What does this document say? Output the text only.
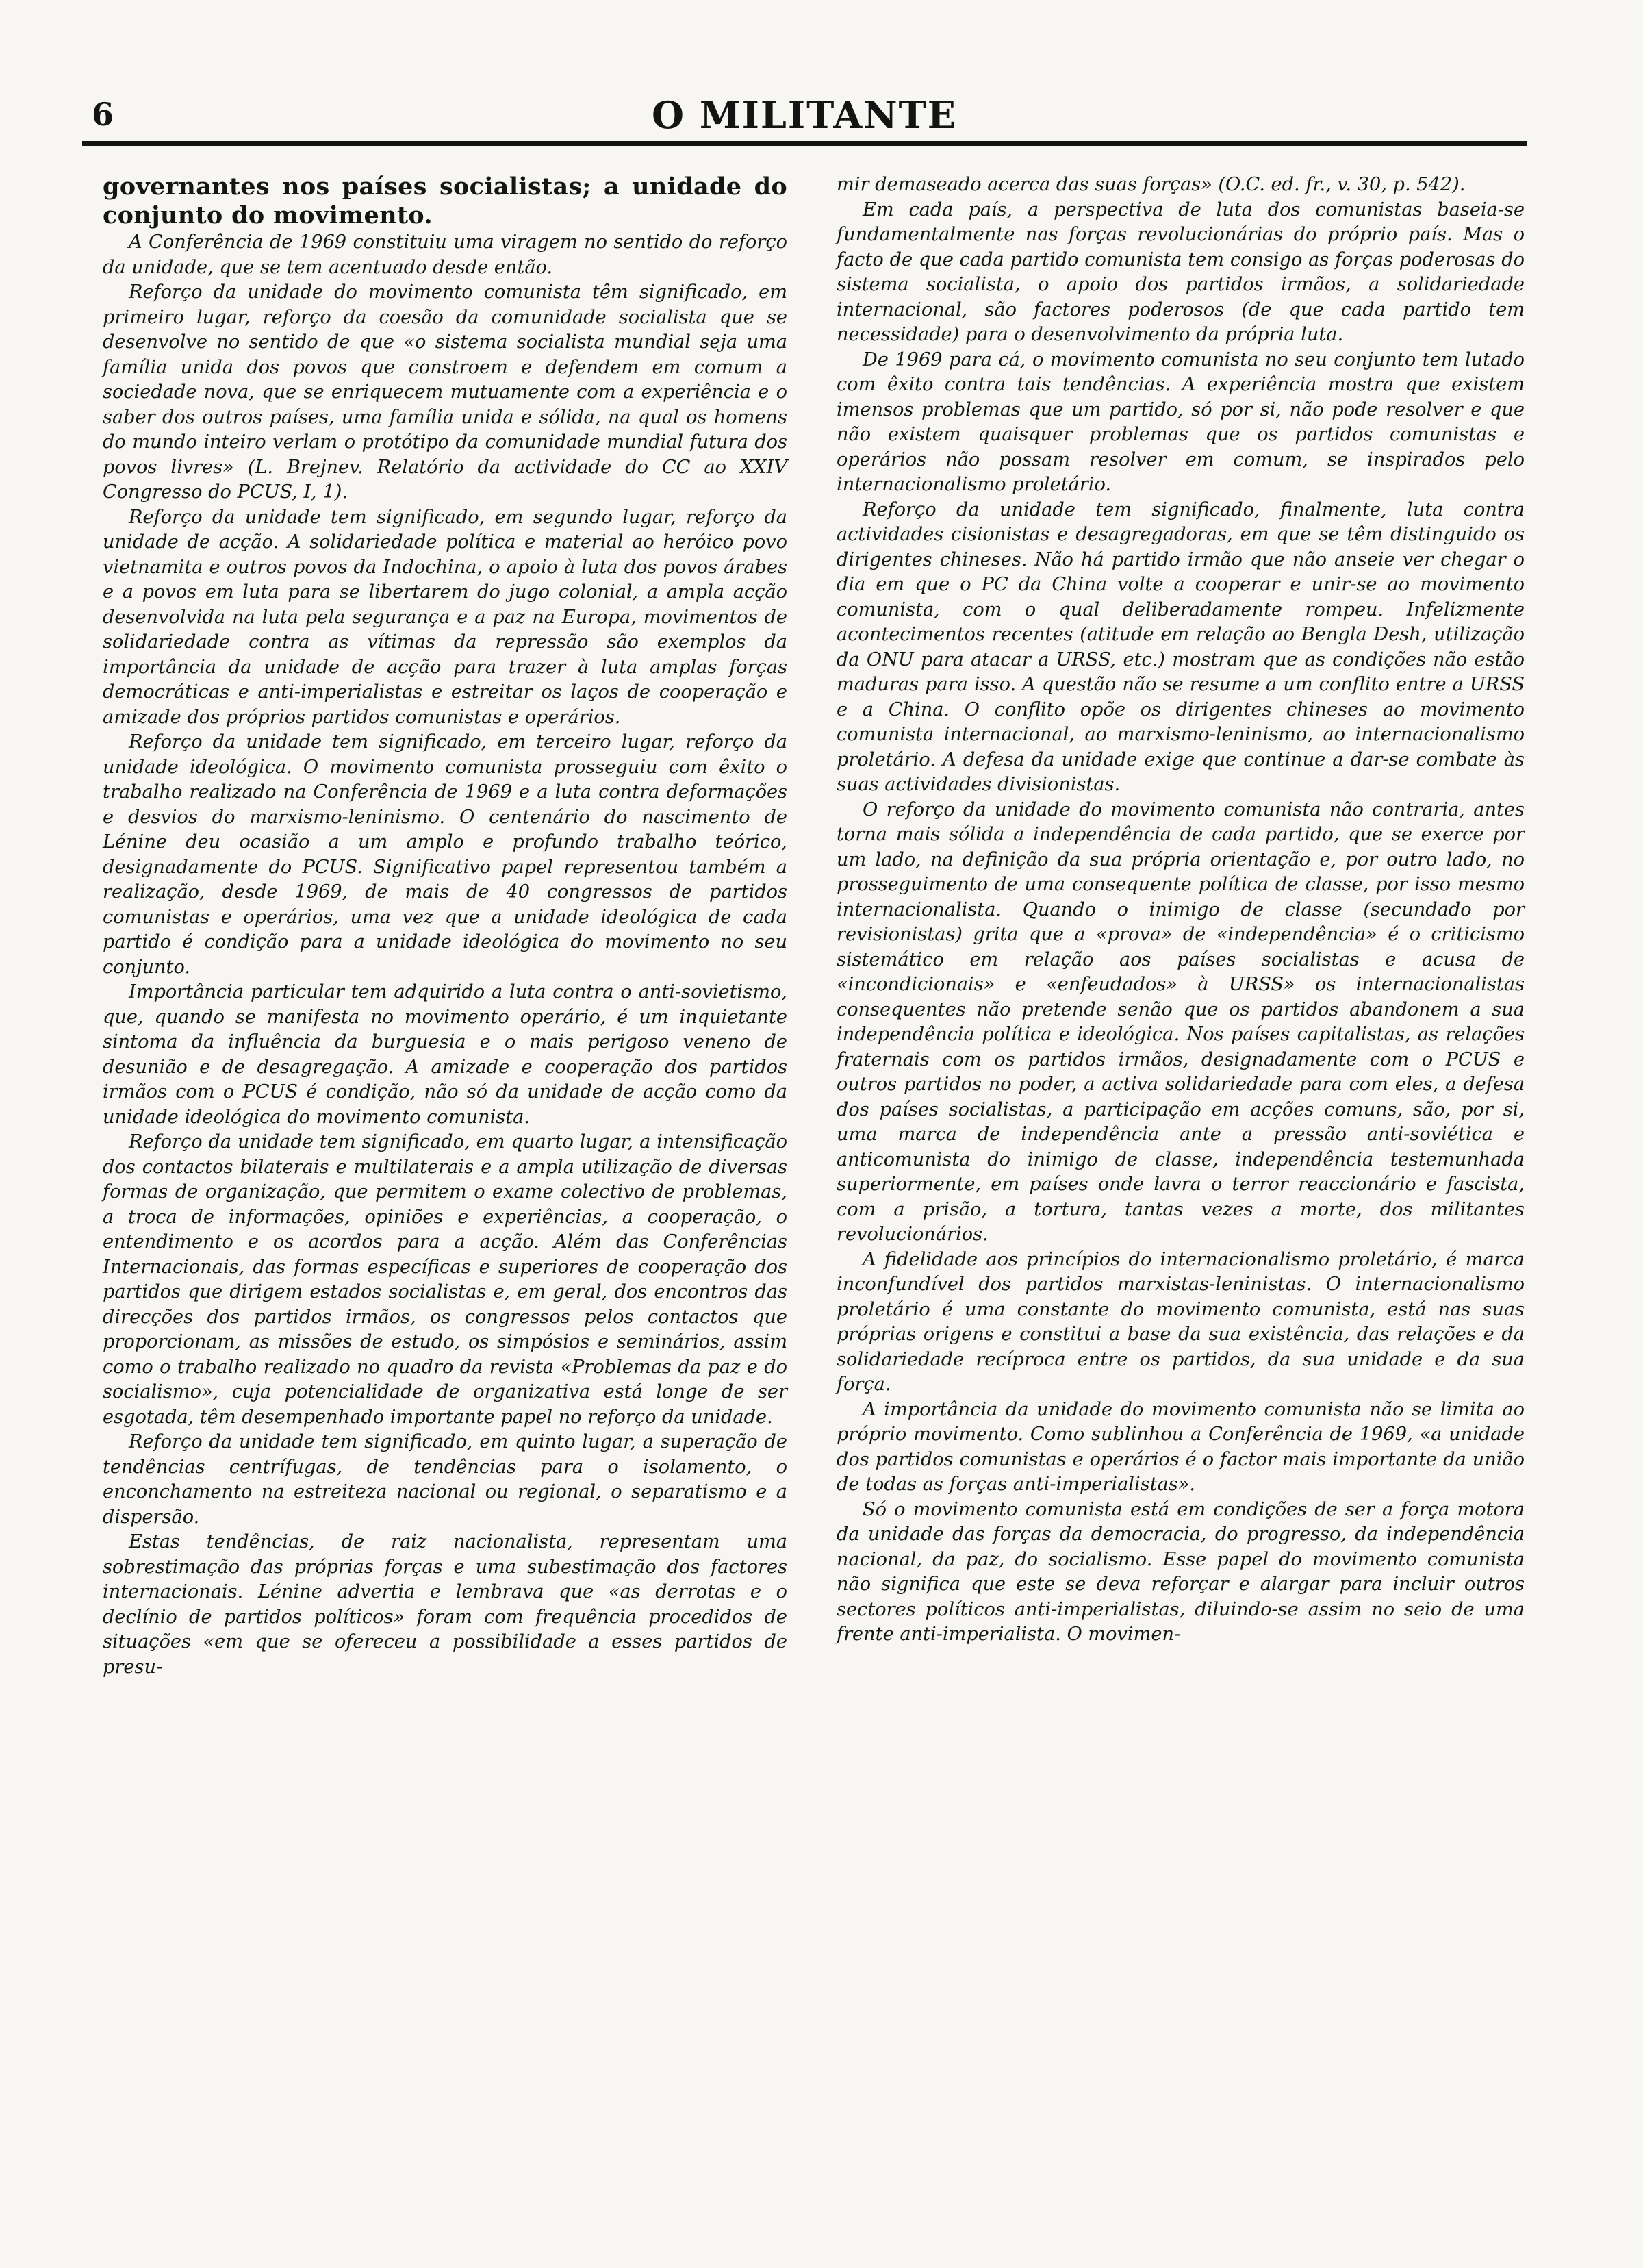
6	O MILITANTE

governantes nos países socialistas; a unidade do conjunto do movimento.

A Conferência de 1969 constituiu uma viragem no sentido do reforço da unidade, que se tem acentuado desde então.

Reforço da unidade do movimento comunista têm significado, em primeiro lugar, reforço da coesão da comunidade socialista que se desenvolve no sentido de que «o sistema socialista mundial seja uma família unida dos povos que constroem e defendem em comum a sociedade nova, que se enriquecem mutuamente com a experiência e o saber dos outros países, uma família unida e sólida, na qual os homens do mundo inteiro verlam o protótipo da comunidade mundial futura dos povos livres» (L. Brejnev. Relatório da actividade do CC ao XXIV Congresso do PCUS, I, 1).

Reforço da unidade tem significado, em segundo lugar, reforço da unidade de acção. A solidariedade política e material ao heróico povo vietnamita e outros povos da Indochina, o apoio à luta dos povos árabes e a povos em luta para se libertarem do jugo colonial, a ampla acção desenvolvida na luta pela segurança e a paz na Europa, movimentos de solidariedade contra as vítimas da repressão são exemplos da importância da unidade de acção para trazer à luta amplas forças democráticas e anti-imperialistas e estreitar os laços de cooperação e amizade dos próprios partidos comunistas e operários.

Reforço da unidade tem significado, em terceiro lugar, reforço da unidade ideológica. O movimento comunista prosseguiu com êxito o trabalho realizado na Conferência de 1969 e a luta contra deformações e desvios do marxismo-leninismo. O centenário do nascimento de Lénine deu ocasião a um amplo e profundo trabalho teórico, designadamente do PCUS. Significativo papel representou também a realização, desde 1969, de mais de 40 congressos de partidos comunistas e operários, uma vez que a unidade ideológica de cada partido é condição para a unidade ideológica do movimento no seu conjunto.

Importância particular tem adquirido a luta contra o anti-sovietismo, que, quando se manifesta no movimento operário, é um inquietante sintoma da influência da burguesia e o mais perigoso veneno de desunião e de desagregação. A amizade e cooperação dos partidos irmãos com o PCUS é condição, não só da unidade de acção como da unidade ideológica do movimento comunista.

Reforço da unidade tem significado, em quarto lugar, a intensificação dos contactos bilaterais e multilaterais e a ampla utilização de diversas formas de organização, que permitem o exame colectivo de problemas, a troca de informações, opiniões e experiências, a cooperação, o entendimento e os acordos para a acção. Além das Conferências Internacionais, das formas específicas e superiores de cooperação dos partidos que dirigem estados socialistas e, em geral, dos encontros das direcções dos partidos irmãos, os congressos pelos contactos que proporcionam, as missões de estudo, os simpósios e seminários, assim como o trabalho realizado no quadro da revista «Problemas da paz e do socialismo», cuja potencialidade de organizativa está longe de ser esgotada, têm desempenhado importante papel no reforço da unidade.

Reforço da unidade tem significado, em quinto lugar, a superação de tendências centrífugas, de tendências para o isolamento, o enconchamento na estreiteza nacional ou regional, o separatismo e a dispersão.

Estas tendências, de raiz nacionalista, representam uma sobrestimação das próprias forças e uma subestimação dos factores internacionais. Lénine advertia e lembrava que «as derrotas e o declínio de partidos políticos» foram com frequência procedidos de situações «em que se ofereceu a possibilidade a esses partidos de presu-

mir demaseado acerca das suas forças» (O.C. ed. fr., v. 30, p. 542).

Em cada país, a perspectiva de luta dos comunistas baseia-se fundamentalmente nas forças revolucionárias do próprio país. Mas o facto de que cada partido comunista tem consigo as forças poderosas do sistema socialista, o apoio dos partidos irmãos, a solidariedade internacional, são factores poderosos (de que cada partido tem necessidade) para o desenvolvimento da própria luta.

De 1969 para cá, o movimento comunista no seu conjunto tem lutado com êxito contra tais tendências. A experiência mostra que existem imensos problemas que um partido, só por si, não pode resolver e que não existem quaisquer problemas que os partidos comunistas e operários não possam resolver em comum, se inspirados pelo internacionalismo proletário.

Reforço da unidade tem significado, finalmente, luta contra actividades cisionistas e desagregadoras, em que se têm distinguido os dirigentes chineses. Não há partido irmão que não anseie ver chegar o dia em que o PC da China volte a cooperar e unir-se ao movimento comunista, com o qual deliberadamente rompeu. Infelizmente acontecimentos recentes (atitude em relação ao Bengla Desh, utilização da ONU para atacar a URSS, etc.) mostram que as condições não estão maduras para isso. A questão não se resume a um conflito entre a URSS e a China. O conflito opõe os dirigentes chineses ao movimento comunista internacional, ao marxismo-leninismo, ao internacionalismo proletário. A defesa da unidade exige que continue a dar-se combate às suas actividades divisionistas.

O reforço da unidade do movimento comunista não contraria, antes torna mais sólida a independência de cada partido, que se exerce por um lado, na definição da sua própria orientação e, por outro lado, no prosseguimento de uma consequente política de classe, por isso mesmo internacionalista. Quando o inimigo de classe (secundado por revisionistas) grita que a «prova» de «independência» é o criticismo sistemático em relação aos países socialistas e acusa de «incondicionais» e «enfeudados» à URSS» os internacionalistas consequentes não pretende senão que os partidos abandonem a sua independência política e ideológica. Nos países capitalistas, as relações fraternais com os partidos irmãos, designadamente com o PCUS e outros partidos no poder, a activa solidariedade para com eles, a defesa dos países socialistas, a participação em acções comuns, são, por si, uma marca de independência ante a pressão anti-soviética e anticomunista do inimigo de classe, independência testemunhada superiormente, em países onde lavra o terror reaccionário e fascista, com a prisão, a tortura, tantas vezes a morte, dos militantes revolucionários.

A fidelidade aos princípios do internacionalismo proletário, é marca inconfundível dos partidos marxistas-leninistas. O internacionalismo proletário é uma constante do movimento comunista, está nas suas próprias origens e constitui a base da sua existência, das relações e da solidariedade recíproca entre os partidos, da sua unidade e da sua força.

A importância da unidade do movimento comunista não se limita ao próprio movimento. Como sublinhou a Conferência de 1969, «a unidade dos partidos comunistas e operários é o factor mais importante da união de todas as forças anti-imperialistas».

Só o movimento comunista está em condições de ser a força motora da unidade das forças da democracia, do progresso, da independência nacional, da paz, do socialismo. Esse papel do movimento comunista não significa que este se deva reforçar e alargar para incluir outros sectores políticos anti-imperialistas, diluindo-se assim no seio de uma frente anti-imperialista. O movimen-
